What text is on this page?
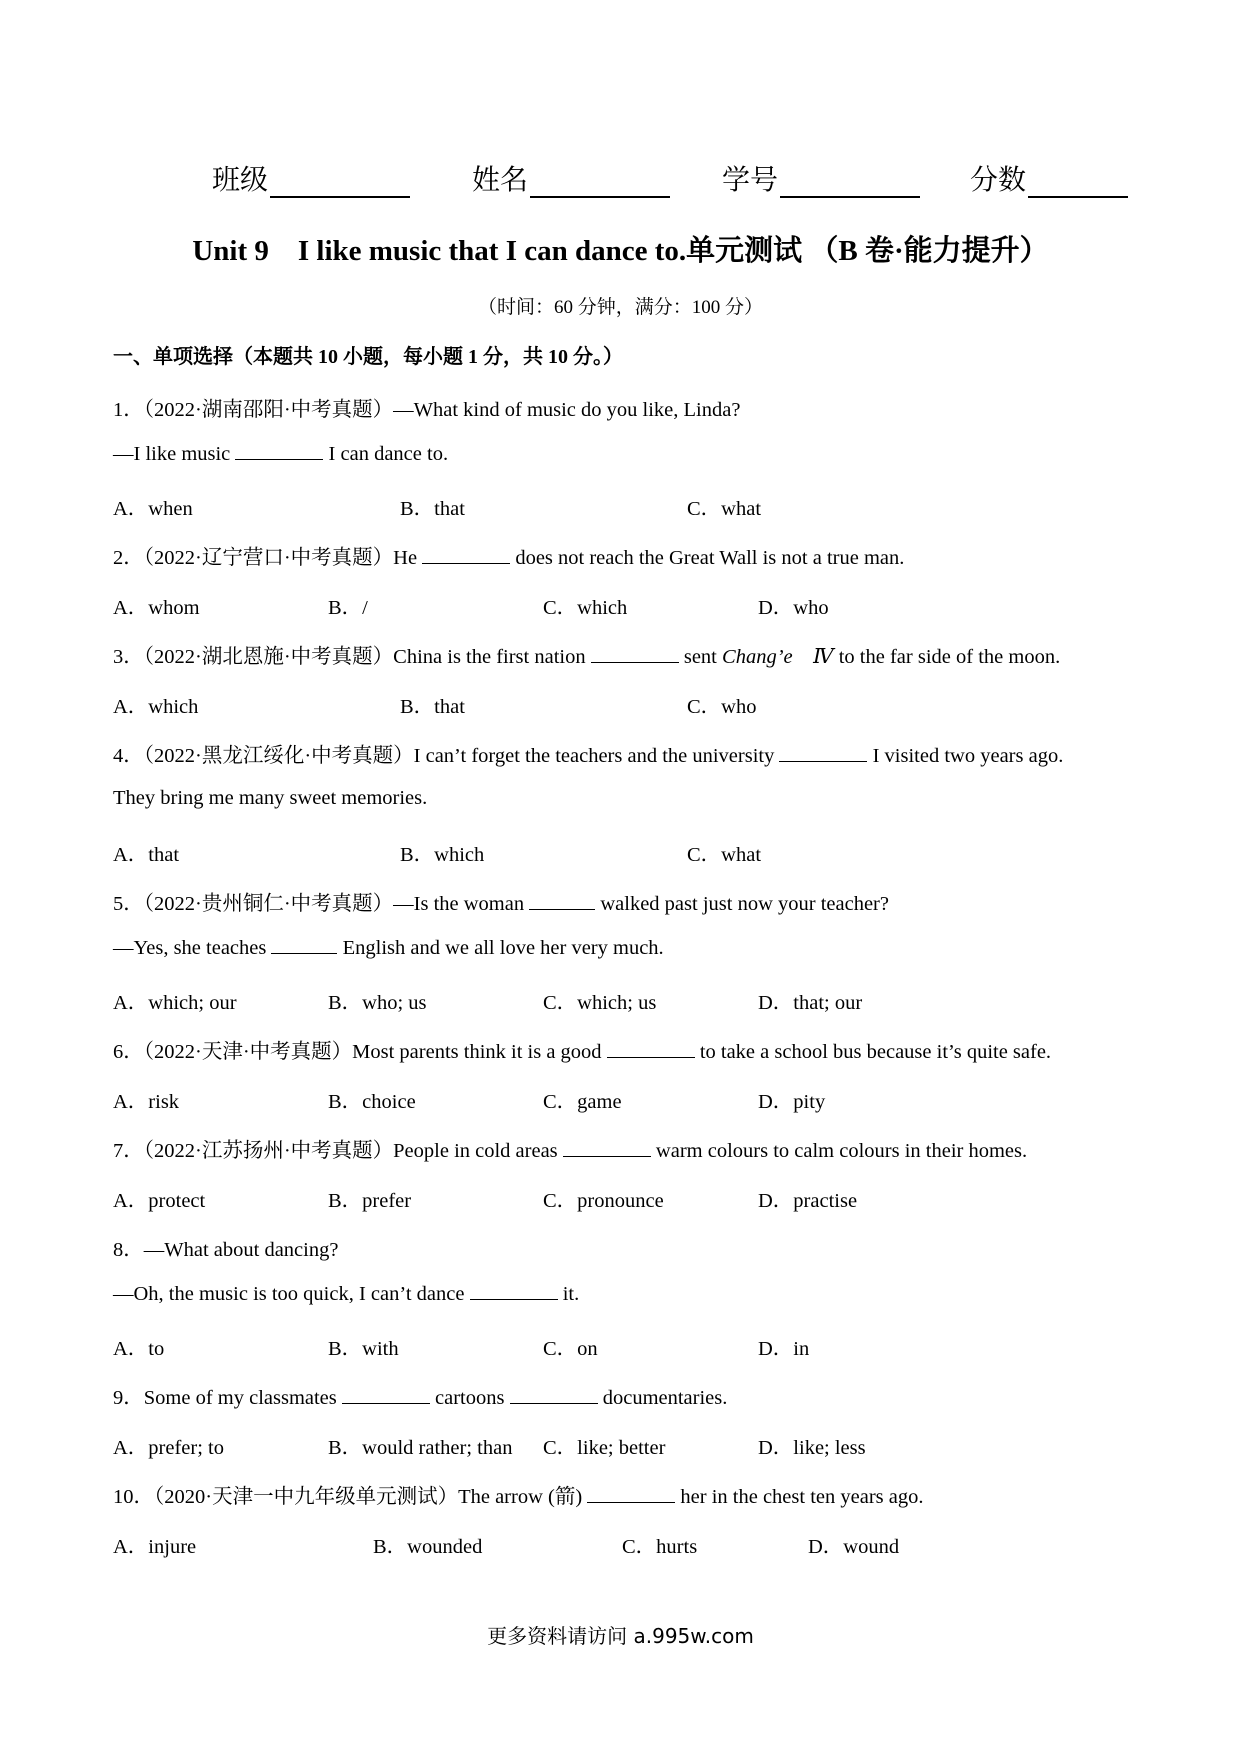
班级	姓名	学号	分数
Unit 9　I like music that I can dance to.单元测试 （B 卷·能力提升）
（时间：60 分钟，满分：100 分）
一、单项选择（本题共 10 小题，每小题 1 分，共 10 分。）
1．（2022·湖南邵阳·中考真题）—What kind of music do you like, Linda?
—I like music	I can dance to.
A．when	B．that	C．what
2．（2022·辽宁营口·中考真题）He	does not reach the Great Wall is not a true man.
A．whom	B．/	C．which	D．who
3．（2022·湖北恩施·中考真题）China is the first nation	sent Chang’e　Ⅳ to the far side of the moon.
A．which	B．that	C．who
4．（2022·黑龙江绥化·中考真题）I can’t forget the teachers and the university	I visited two years ago.
They bring me many sweet memories.
A．that	B．which	C．what
5．（2022·贵州铜仁·中考真题）—Is the woman	walked past just now your teacher?
—Yes, she teaches	English and we all love her very much.
A．which; our	B．who; us	C．which; us	D．that; our
6．（2022·天津·中考真题）Most parents think it is a good	to take a school bus because it’s quite safe.
A．risk	B．choice	C．game	D．pity
7．（2022·江苏扬州·中考真题）People in cold areas	warm colours to calm colours in their homes.
A．protect	B．prefer	C．pronounce	D．practise
8．—What about dancing?
—Oh, the music is too quick, I can’t dance	it.
A．to	B．with	C．on	D．in
9．Some of my classmates	cartoons	documentaries.
A．prefer; to	B．would rather; than C．like; better	D．like; less
10．（2020·天津一中九年级单元测试）The arrow (箭)	her in the chest ten years ago.
A．injure	B．wounded	C．hurts	D．wound
更多资料请访问 a.995w.com
